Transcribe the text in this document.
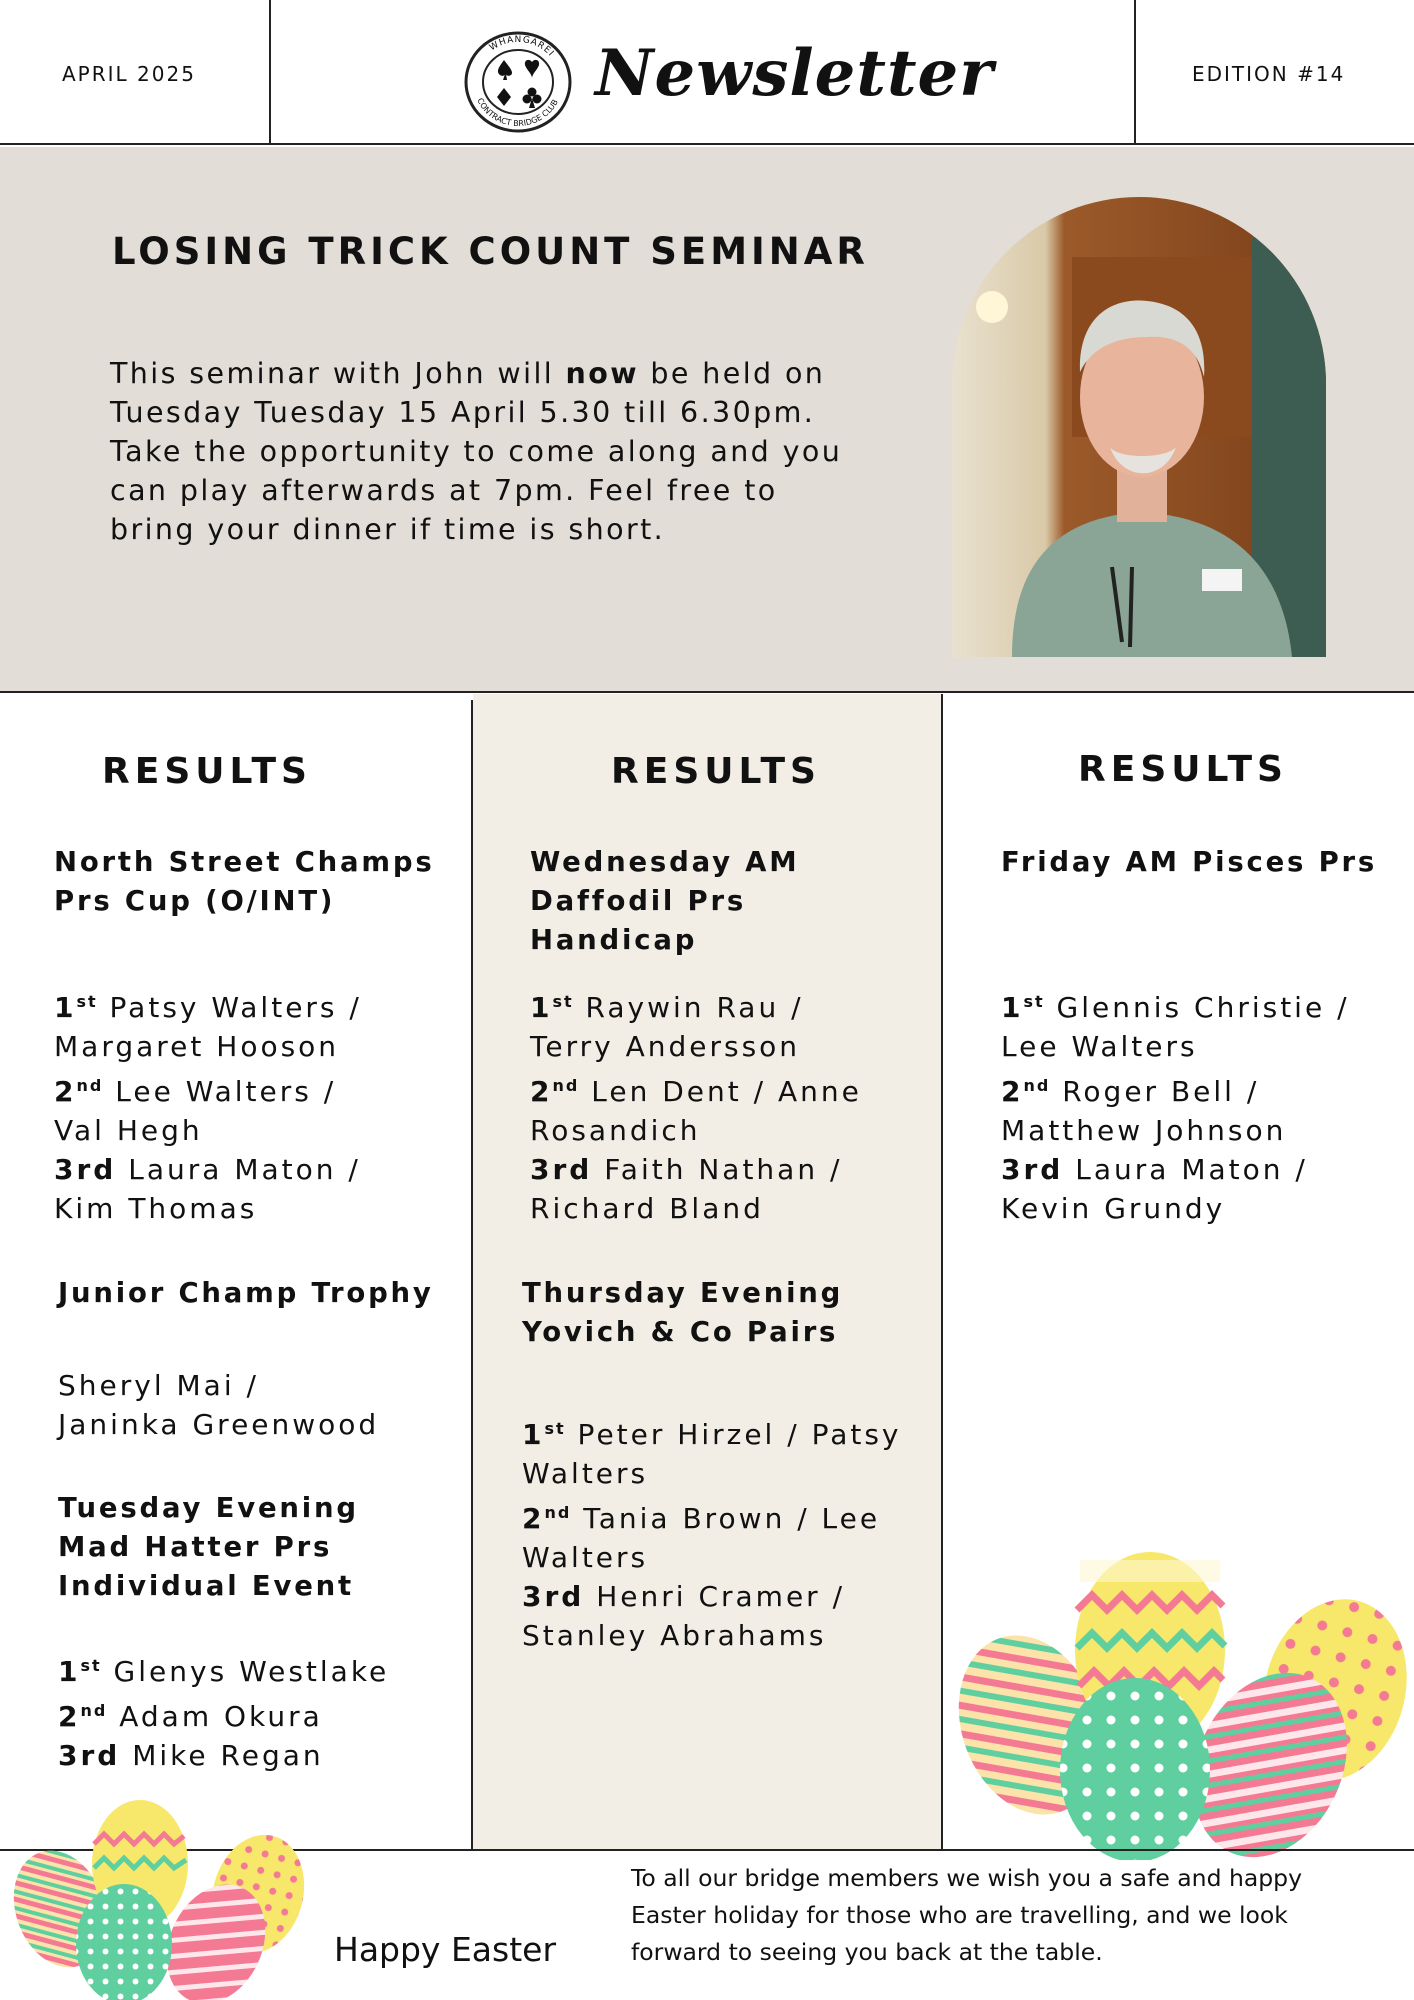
APRIL 2025
WHANGAREI
CONTRACT BRIDGE CLUB Newsletter	EDITION #14
LOSING TRICK COUNT SEMINAR

This seminar with John will now be held on Tuesday Tuesday 15 April 5.30 till 6.30pm. Take the opportunity to come along and you can play afterwards at 7pm. Feel free to bring your dinner if time is short.

RESULTS
North Street Champs
Prs Cup (O/INT)
1st Patsy Walters /
Margaret Hooson
2nd Lee Walters /
Val Hegh
3rd Laura Maton /
Kim Thomas
Junior Champ Trophy
Sheryl Mai /
Janinka Greenwood
Tuesday Evening
Mad Hatter Prs
Individual Event
1st Glenys Westlake
2nd Adam Okura
3rd Mike Regan
RESULTS
Wednesday AM
Daffodil Prs
Handicap
1st Raywin Rau /
Terry Andersson
2nd Len Dent / Anne
Rosandich
3rd Faith Nathan /
Richard Bland
Thursday Evening
Yovich & Co Pairs
1st Peter Hirzel / Patsy
Walters
2nd Tania Brown / Lee
Walters
3rd Henri Cramer /
Stanley Abrahams
RESULTS
Friday AM Pisces Prs
1st Glennis Christie /
Lee Walters
2nd Roger Bell /
Matthew Johnson
3rd Laura Maton /
Kevin Grundy
Happy Easter

To all our bridge members we wish you a safe and happy Easter holiday for those who are travelling, and we look forward to seeing you back at the table.
